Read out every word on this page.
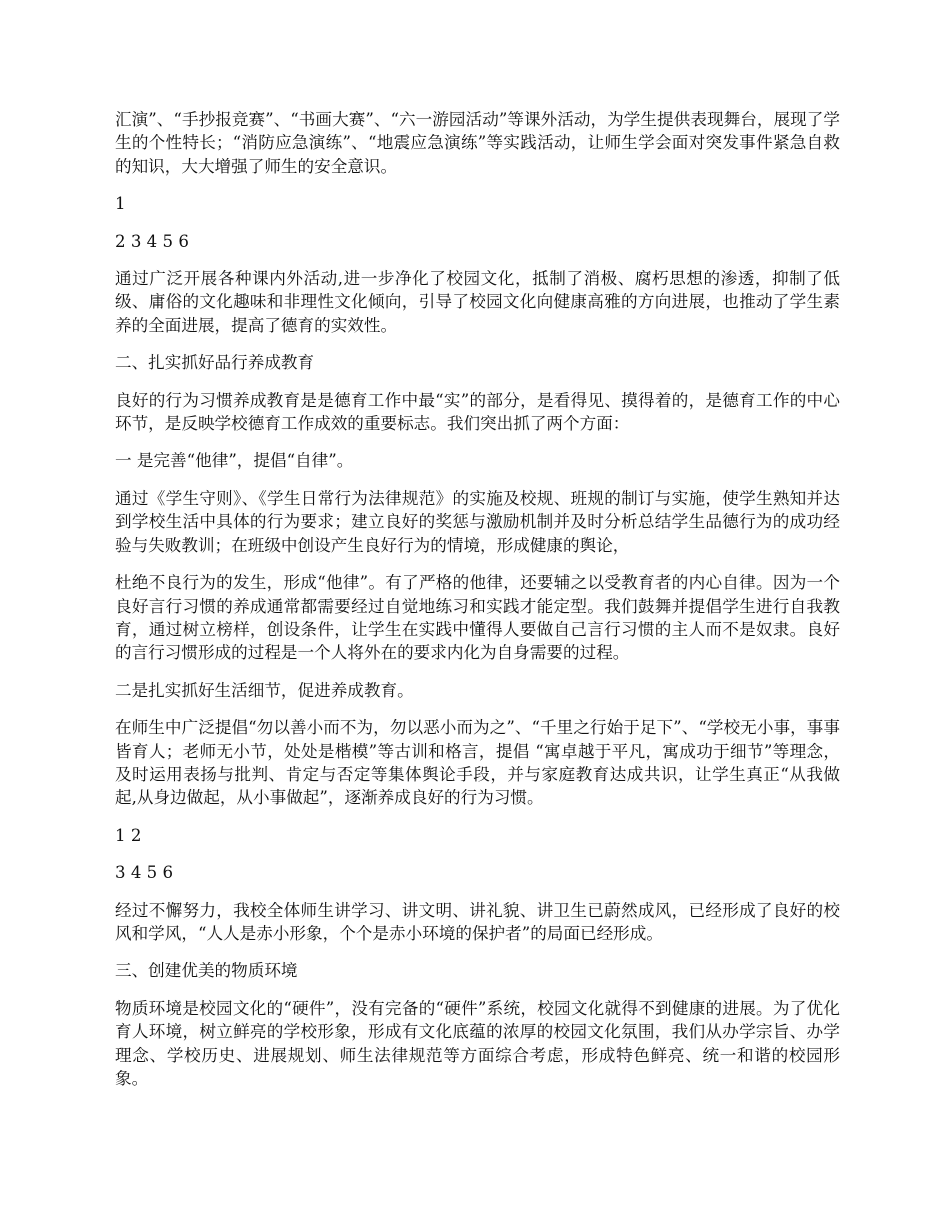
汇演”、“手抄报竞赛”、“书画大赛”、“六一游园活动”等课外活动，为学生提供表现舞台，展现了学生的个性特长；“消防应急演练”、“地震应急演练”等实践活动，让师生学会面对突发事件紧急自救的知识，大大增强了师生的安全意识。

1

2 3 4 5 6

通过广泛开展各种课内外活动,进一步净化了校园文化，抵制了消极、腐朽思想的渗透，抑制了低级、庸俗的文化趣味和非理性文化倾向，引导了校园文化向健康高雅的方向进展，也推动了学生素养的全面进展，提高了德育的实效性。

二、扎实抓好品行养成教育

良好的行为习惯养成教育是是德育工作中最“实”的部分，是看得见、摸得着的，是德育工作的中心环节，是反映学校德育工作成效的重要标志。我们突出抓了两个方面：

一 是完善“他律”，提倡“自律”。

通过《学生守则》、《学生日常行为法律规范》的实施及校规、班规的制订与实施，使学生熟知并达到学校生活中具体的行为要求；建立良好的奖惩与激励机制并及时分析总结学生品德行为的成功经验与失败教训；在班级中创设产生良好行为的情境，形成健康的舆论，

杜绝不良行为的发生，形成“他律”。有了严格的他律，还要辅之以受教育者的内心自律。因为一个良好言行习惯的养成通常都需要经过自觉地练习和实践才能定型。我们鼓舞并提倡学生进行自我教育，通过树立榜样，创设条件，让学生在实践中懂得人要做自己言行习惯的主人而不是奴隶。良好的言行习惯形成的过程是一个人将外在的要求内化为自身需要的过程。

二是扎实抓好生活细节，促进养成教育。

在师生中广泛提倡“勿以善小而不为，勿以恶小而为之”、“千里之行始于足下”、“学校无小事，事事皆育人；老师无小节，处处是楷模”等古训和格言，提倡 “寓卓越于平凡，寓成功于细节”等理念，及时运用表扬与批判、肯定与否定等集体舆论手段，并与家庭教育达成共识，让学生真正“从我做起,从身边做起，从小事做起”，逐渐养成良好的行为习惯。

1 2

3 4 5 6

经过不懈努力，我校全体师生讲学习、讲文明、讲礼貌、讲卫生已蔚然成风，已经形成了良好的校风和学风，“人人是赤小形象，个个是赤小环境的保护者”的局面已经形成。

三、创建优美的物质环境

物质环境是校园文化的“硬件”，没有完备的“硬件”系统，校园文化就得不到健康的进展。为了优化育人环境，树立鲜亮的学校形象，形成有文化底蕴的浓厚的校园文化氛围，我们从办学宗旨、办学理念、学校历史、进展规划、师生法律规范等方面综合考虑，形成特色鲜亮、统一和谐的校园形象。
